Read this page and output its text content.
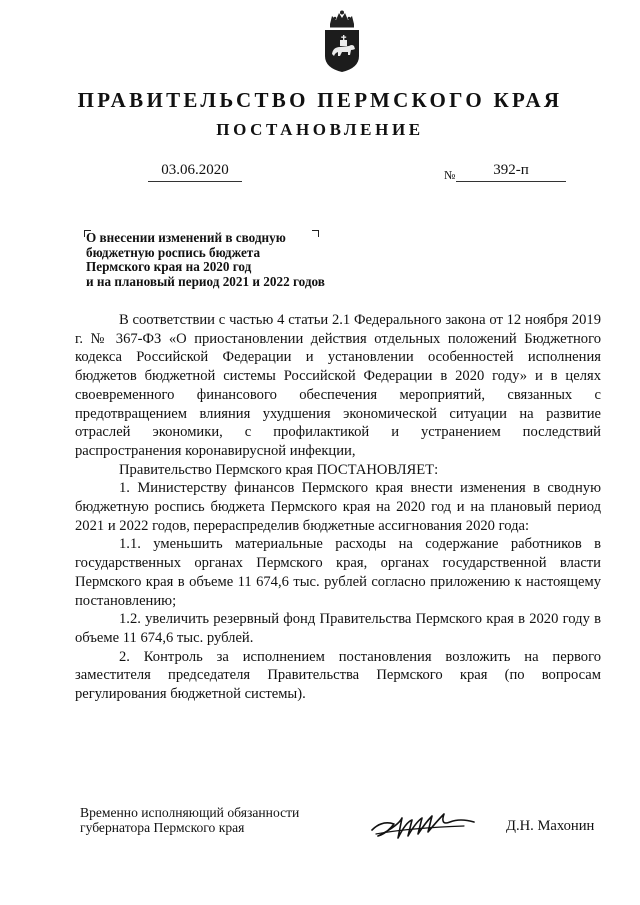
ПРАВИТЕЛЬСТВО ПЕРМСКОГО КРАЯ
ПОСТАНОВЛЕНИЕ
03.06.2020	№	392-п
О внесении изменений в сводную
бюджетную роспись бюджета
Пермского края на 2020 год
и на плановый период 2021 и 2022 годов

В соответствии с частью 4 статьи 2.1 Федерального закона от 12 ноября 2019 г. № 367-ФЗ «О приостановлении действия отдельных положений Бюджетного кодекса Российской Федерации и установлении особенностей исполнения бюджетов бюджетной системы Российской Федерации в 2020 году» и в целях своевременного финансового обеспечения мероприятий, связанных с предотвращением влияния ухудшения экономической ситуации на развитие отраслей экономики, с профилактикой и устранением последствий распространения коронавирусной инфекции,

Правительство Пермского края ПОСТАНОВЛЯЕТ:

1. Министерству финансов Пермского края внести изменения в сводную бюджетную роспись бюджета Пермского края на 2020 год и на плановый период 2021 и 2022 годов, перераспределив бюджетные ассигнования 2020 года:

1.1. уменьшить материальные расходы на содержание работников в государственных органах Пермского края, органах государственной власти Пермского края в объеме 11 674,6 тыс. рублей согласно приложению к настоящему постановлению;

1.2. увеличить резервный фонд Правительства Пермского края в 2020 году в объеме 11 674,6 тыс. рублей.

2. Контроль за исполнением постановления возложить на первого заместителя председателя Правительства Пермского края (по вопросам регулирования бюджетной системы).

Временно исполняющий обязанности
губернатора Пермского края	Д.Н. Махонин
